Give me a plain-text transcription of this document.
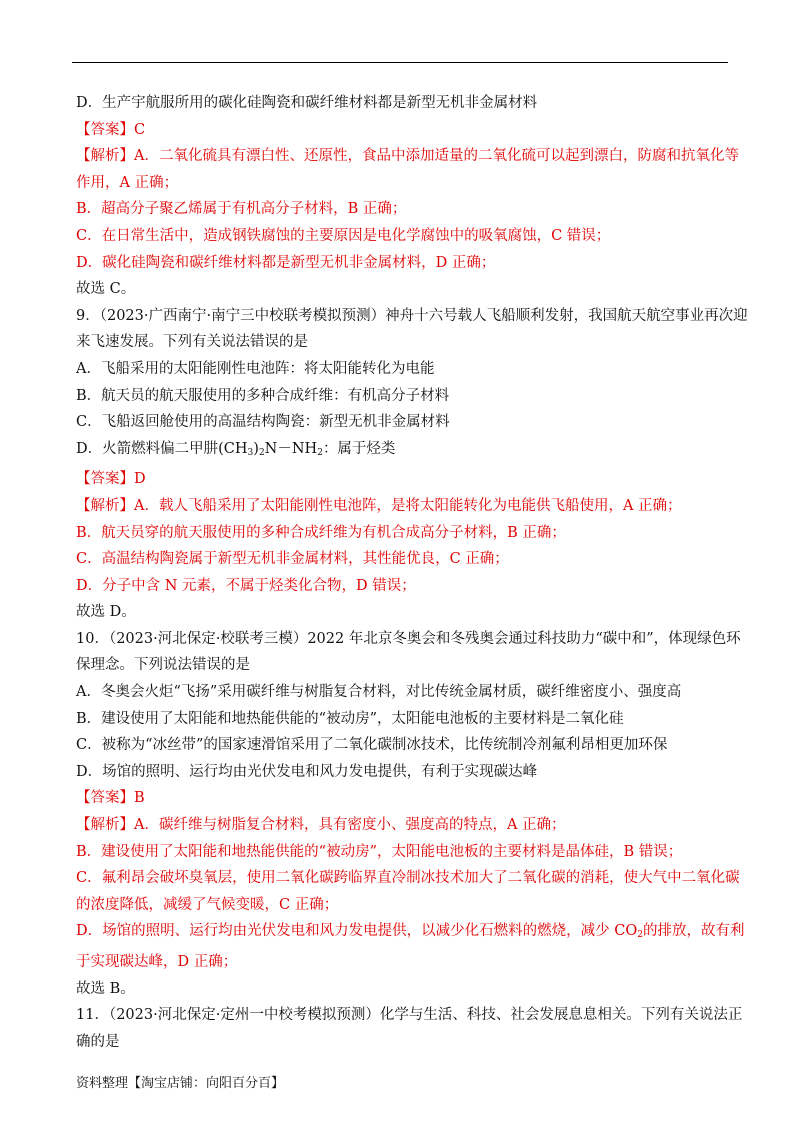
D．生产宇航服所用的碳化硅陶瓷和碳纤维材料都是新型无机非金属材料
【答案】C
【解析】A．二氧化硫具有漂白性、还原性，食品中添加适量的二氧化硫可以起到漂白，防腐和抗氧化等
作用，A 正确；
B．超高分子聚乙烯属于有机高分子材料，B 正确；
C．在日常生活中，造成钢铁腐蚀的主要原因是电化学腐蚀中的吸氧腐蚀，C 错误；
D．碳化硅陶瓷和碳纤维材料都是新型无机非金属材料，D 正确；
故选 C。
9．（2023·广西南宁·南宁三中校联考模拟预测）神舟十六号载人飞船顺利发射，我国航天航空事业再次迎
来飞速发展。下列有关说法错误的是
A．飞船采用的太阳能刚性电池阵：将太阳能转化为电能
B．航天员的航天服使用的多种合成纤维：有机高分子材料
C．飞船返回舱使用的高温结构陶瓷：新型无机非金属材料
D．火箭燃料偏二甲肼$(CH_3)_2N-NH_2$：属于烃类
【答案】D
【解析】A．载人飞船采用了太阳能刚性电池阵，是将太阳能转化为电能供飞船使用，A 正确；
B．航天员穿的航天服使用的多种合成纤维为有机合成高分子材料，B 正确；
C．高温结构陶瓷属于新型无机非金属材料，其性能优良，C 正确；
D．分子中含 N 元素，不属于烃类化合物，D 错误；
故选 D。
10．（2023·河北保定·校联考三模）2022 年北京冬奥会和冬残奥会通过科技助力“碳中和”，体现绿色环
保理念。下列说法错误的是
A．冬奥会火炬“飞扬”采用碳纤维与树脂复合材料，对比传统金属材质，碳纤维密度小、强度高
B．建设使用了太阳能和地热能供能的“被动房”，太阳能电池板的主要材料是二氧化硅
C．被称为“冰丝带”的国家速滑馆采用了二氧化碳制冰技术，比传统制冷剂氟利昂相更加环保
D．场馆的照明、运行均由光伏发电和风力发电提供，有利于实现碳达峰
【答案】B
【解析】A．碳纤维与树脂复合材料，具有密度小、强度高的特点，A 正确；
B．建设使用了太阳能和地热能供能的“被动房”，太阳能电池板的主要材料是晶体硅，B 错误；
C．氟利昂会破坏臭氧层，使用二氧化碳跨临界直冷制冰技术加大了二氧化碳的消耗，使大气中二氧化碳
的浓度降低，减缓了气候变暖，C 正确；
D．场馆的照明、运行均由光伏发电和风力发电提供，以减少化石燃料的燃烧，减少 $CO_2$的排放，故有利
于实现碳达峰，D 正确；
故选 B。
11．（2023·河北保定·定州一中校考模拟预测）化学与生活、科技、社会发展息息相关。下列有关说法正
确的是
资料整理【淘宝店铺：向阳百分百】
